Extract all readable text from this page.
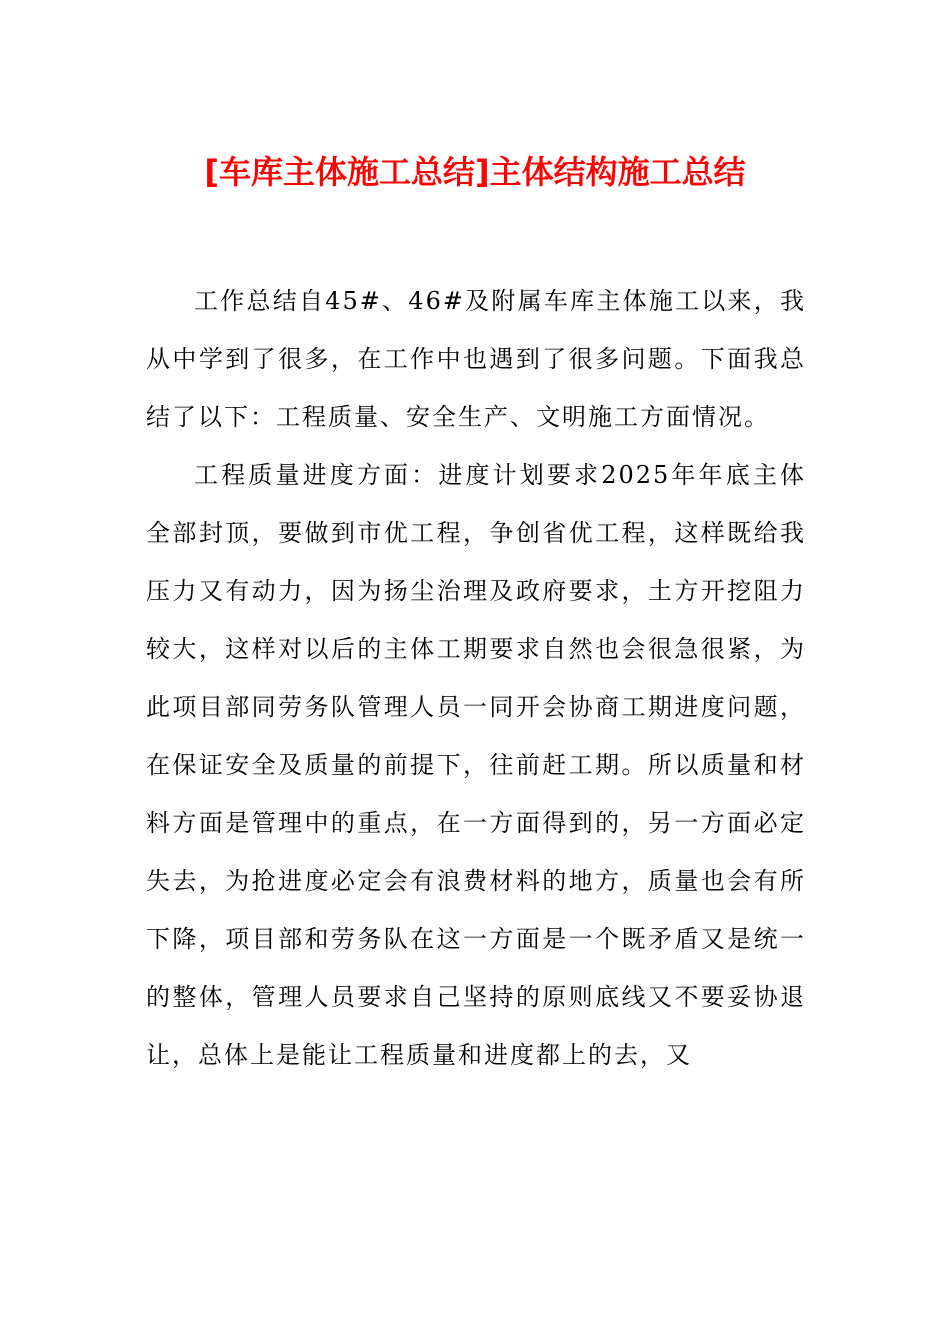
[车库主体施工总结]主体结构施工总结

工作总结自45#、46#及附属车库主体施工以来，我从中学到了很多，在工作中也遇到了很多问题。下面我总结了以下：工程质量、安全生产、文明施工方面情况。

工程质量进度方面：进度计划要求2025年年底主体全部封顶，要做到市优工程，争创省优工程，这样既给我压力又有动力，因为扬尘治理及政府要求，土方开挖阻力较大，这样对以后的主体工期要求自然也会很急很紧，为此项目部同劳务队管理人员一同开会协商工期进度问题，在保证安全及质量的前提下，往前赶工期。所以质量和材料方面是管理中的重点，在一方面得到的，另一方面必定失去，为抢进度必定会有浪费材料的地方，质量也会有所下降，项目部和劳务队在这一方面是一个既矛盾又是统一的整体，管理人员要求自己坚持的原则底线又不要妥协退让，总体上是能让工程质量和进度都上的去，又
